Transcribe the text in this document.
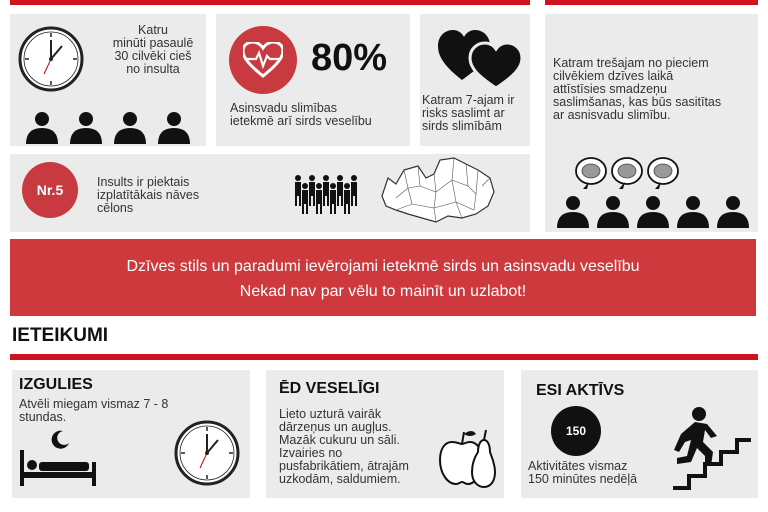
Katru
minūti pasaulē
30 cilvēki cieš
no insulta	80%
Asinsvadu slimības
ietekmē arī sirds veselību
Katram 7-ajam ir
risks saslimt ar
sirds slimībām
Katram trešajam no pieciem
cilvēkiem dzīves laikā
attīstīsies smadzeņu
saslimšanas, kas būs sasitītas
ar asnisvadu slimību.
Nr.5	Insults ir piektais
izplatītākais nāves
cēlons
Dzīves stils un paradumi ievērojami ietekmē sirds un asinsvadu veselību
Nekad nav par vēlu to mainīt un uzlabot!
IETEIKUMI
IZGULIES
Atvēli miegam vismaz 7 - 8
stundas.
ĒD VESELĪGI
Lieto uzturā vairāk
dārzeņus un augļus.
Mazāk cukuru un sāli.
Izvairies no
pusfabrikātiem, ātrajām
uzkodām, saldumiem.
ESI AKTĪVS
150
Aktivitātes vismaz
150 minūtes nedēļā
